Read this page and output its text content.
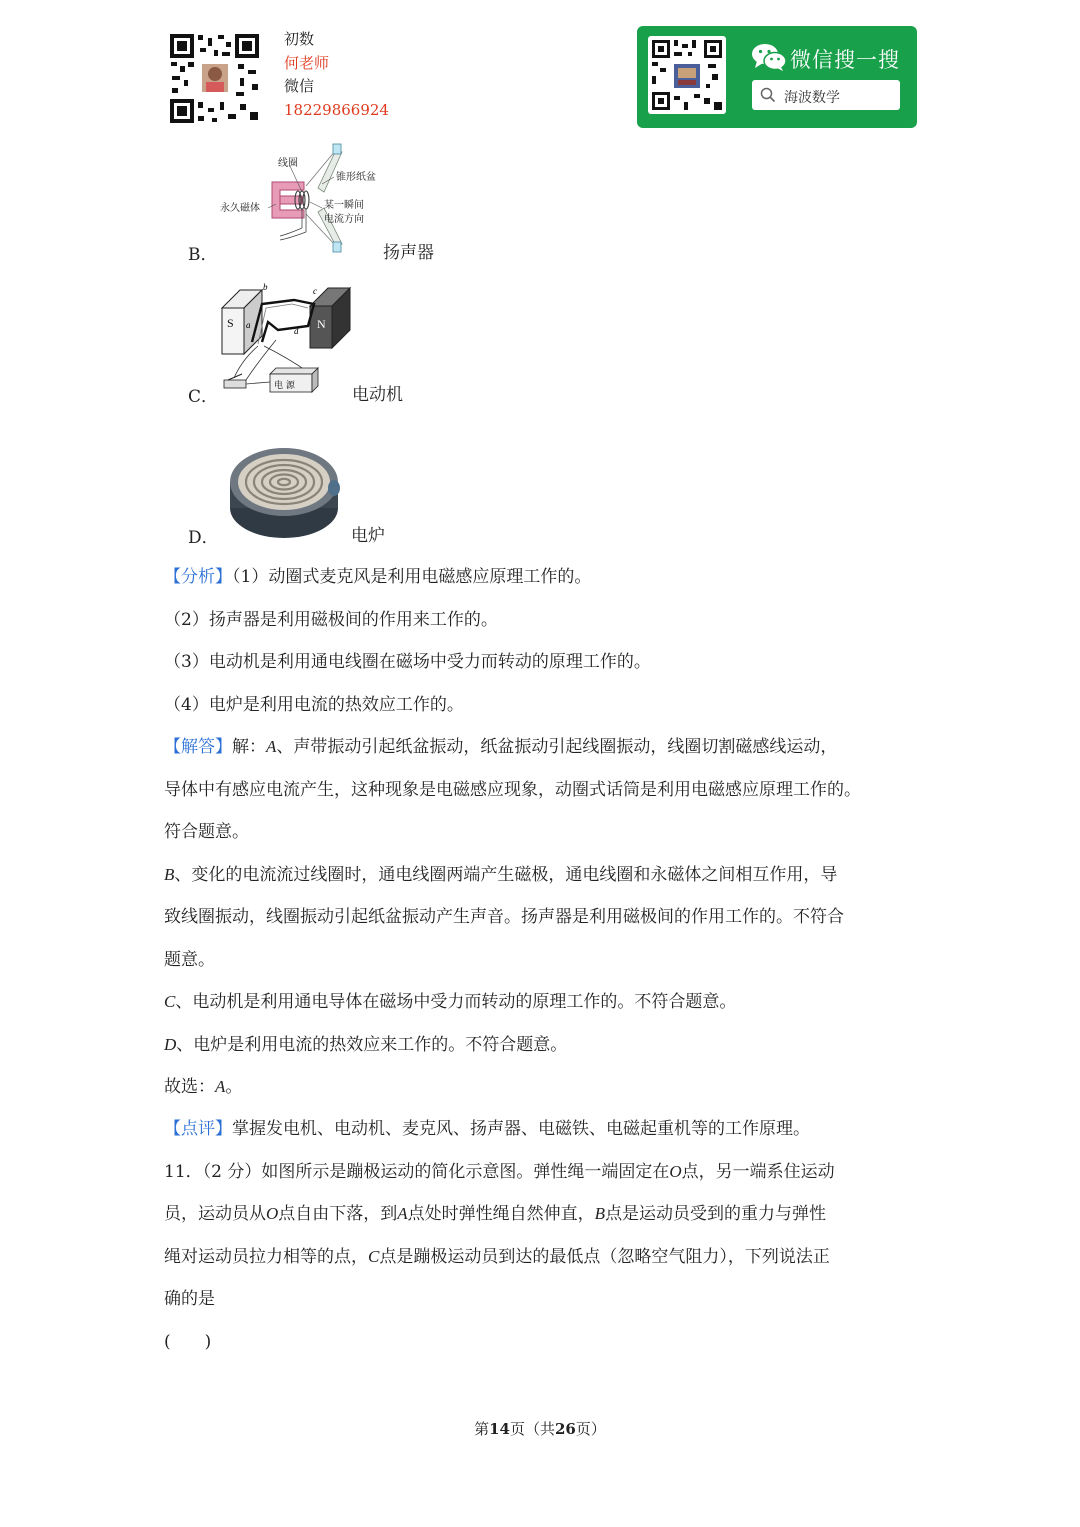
初数
何老师
微信
18229866924
微信搜一搜
海波数学
线圈
锥形纸盆
永久磁体	某一瞬间
电流方向
B．	扬声器
S	N
b	c
a
d
电 源
C．	电动机
D．	电炉
【分析】（1）动圈式麦克风是利用电磁感应原理工作的。
（2）扬声器是利用磁极间的作用来工作的。
（3）电动机是利用通电线圈在磁场中受力而转动的原理工作的。
（4）电炉是利用电流的热效应工作的。
【解答】解：A、声带振动引起纸盆振动，纸盆振动引起线圈振动，线圈切割磁感线运动，
导体中有感应电流产生，这种现象是电磁感应现象，动圈式话筒是利用电磁感应原理工作的。
符合题意。
B、变化的电流流过线圈时，通电线圈两端产生磁极，通电线圈和永磁体之间相互作用，导
致线圈振动，线圈振动引起纸盆振动产生声音。扬声器是利用磁极间的作用工作的。不符合
题意。
C、电动机是利用通电导体在磁场中受力而转动的原理工作的。不符合题意。
D、电炉是利用电流的热效应来工作的。不符合题意。
故选：A。
【点评】掌握发电机、电动机、麦克风、扬声器、电磁铁、电磁起重机等的工作原理。
11．（2 分）如图所示是蹦极运动的简化示意图。弹性绳一端固定在O点，另一端系住运动
员，运动员从O点自由下落，到A点处时弹性绳自然伸直，B点是运动员受到的重力与弹性
绳对运动员拉力相等的点，C点是蹦极运动员到达的最低点（忽略空气阻力），下列说法正
确的是
(　　)
第14页（共26页）
